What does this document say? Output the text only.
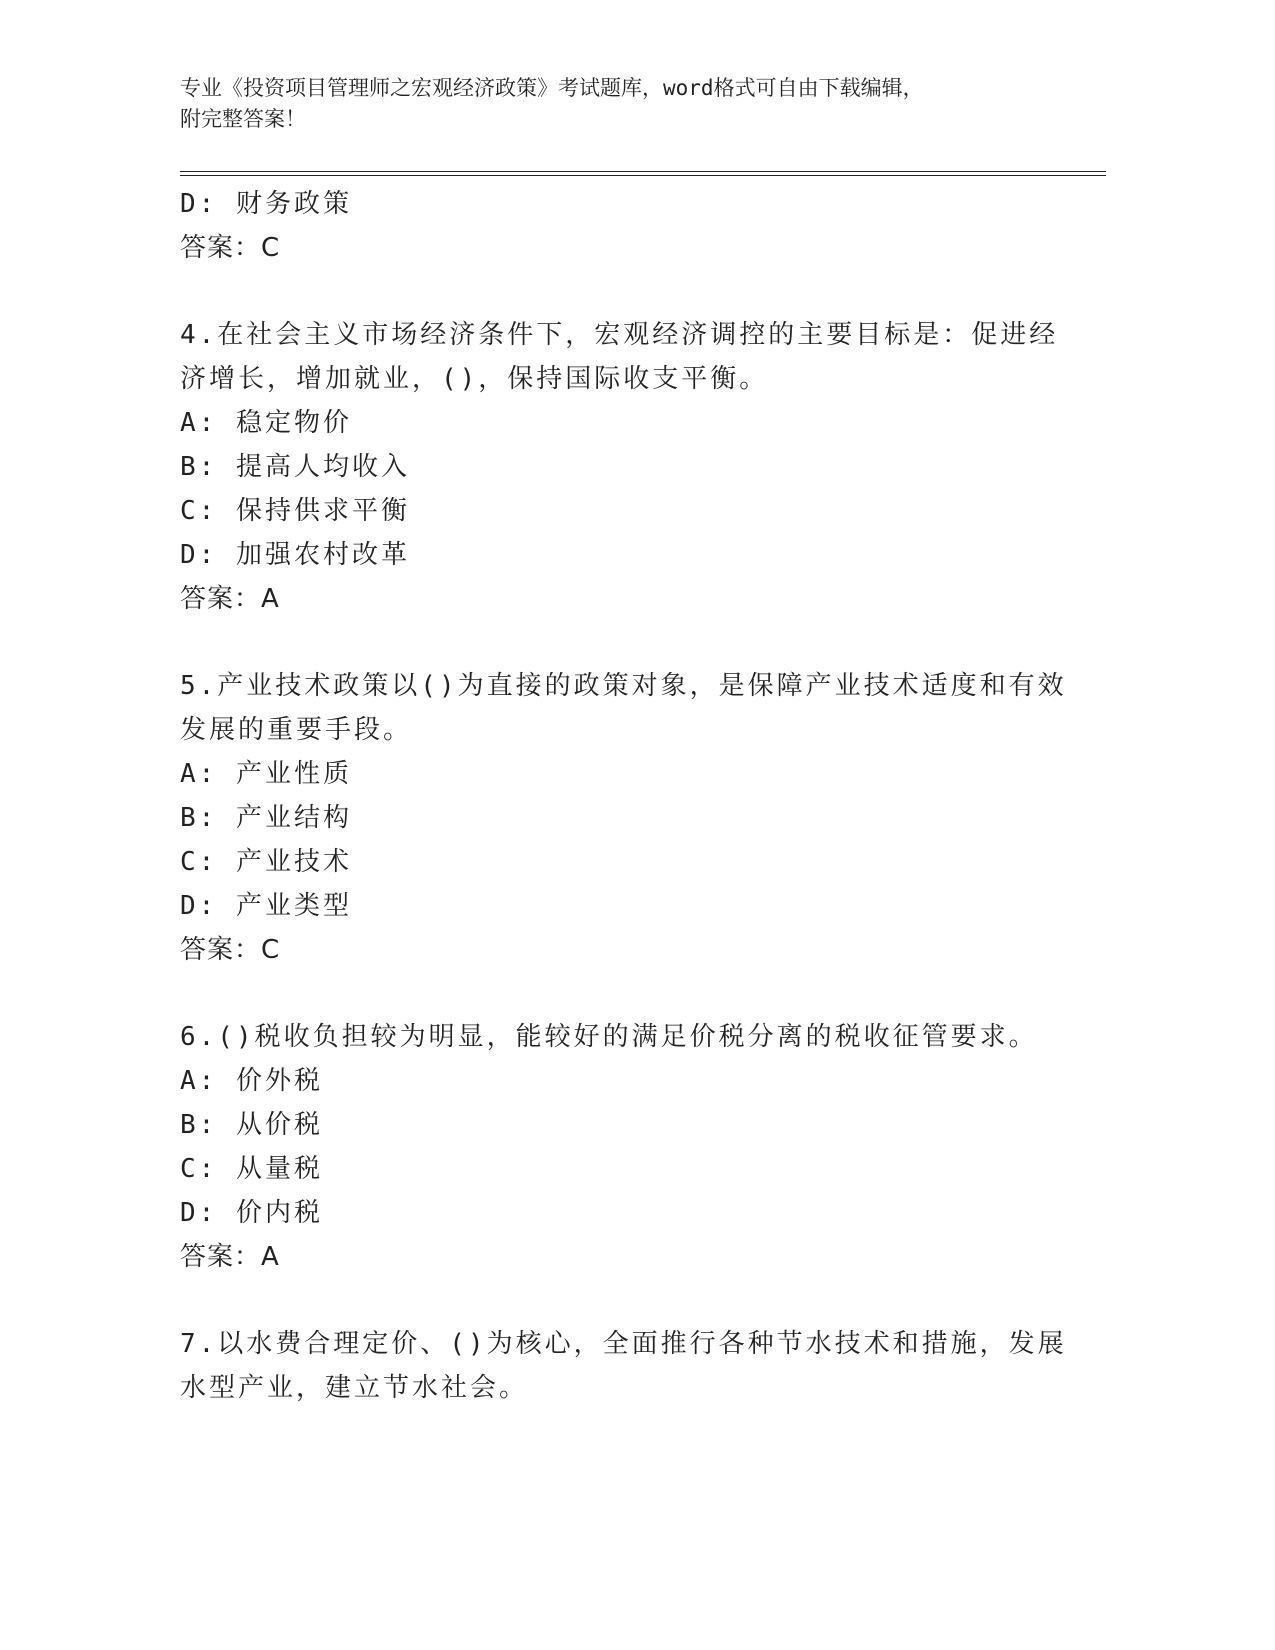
专业《投资项目管理师之宏观经济政策》考试题库，word格式可自由下载编辑，
附完整答案！
D: 财务政策
答案：C
4.在社会主义市场经济条件下，宏观经济调控的主要目标是：促进经
济增长，增加就业，()，保持国际收支平衡。
A: 稳定物价
B: 提高人均收入
C: 保持供求平衡
D: 加强农村改革
答案：A
5.产业技术政策以()为直接的政策对象，是保障产业技术适度和有效
发展的重要手段。
A: 产业性质
B: 产业结构
C: 产业技术
D: 产业类型
答案：C
6.()税收负担较为明显，能较好的满足价税分离的税收征管要求。
A: 价外税
B: 从价税
C: 从量税
D: 价内税
答案：A
7.以水费合理定价、()为核心，全面推行各种节水技术和措施，发展
水型产业，建立节水社会。
